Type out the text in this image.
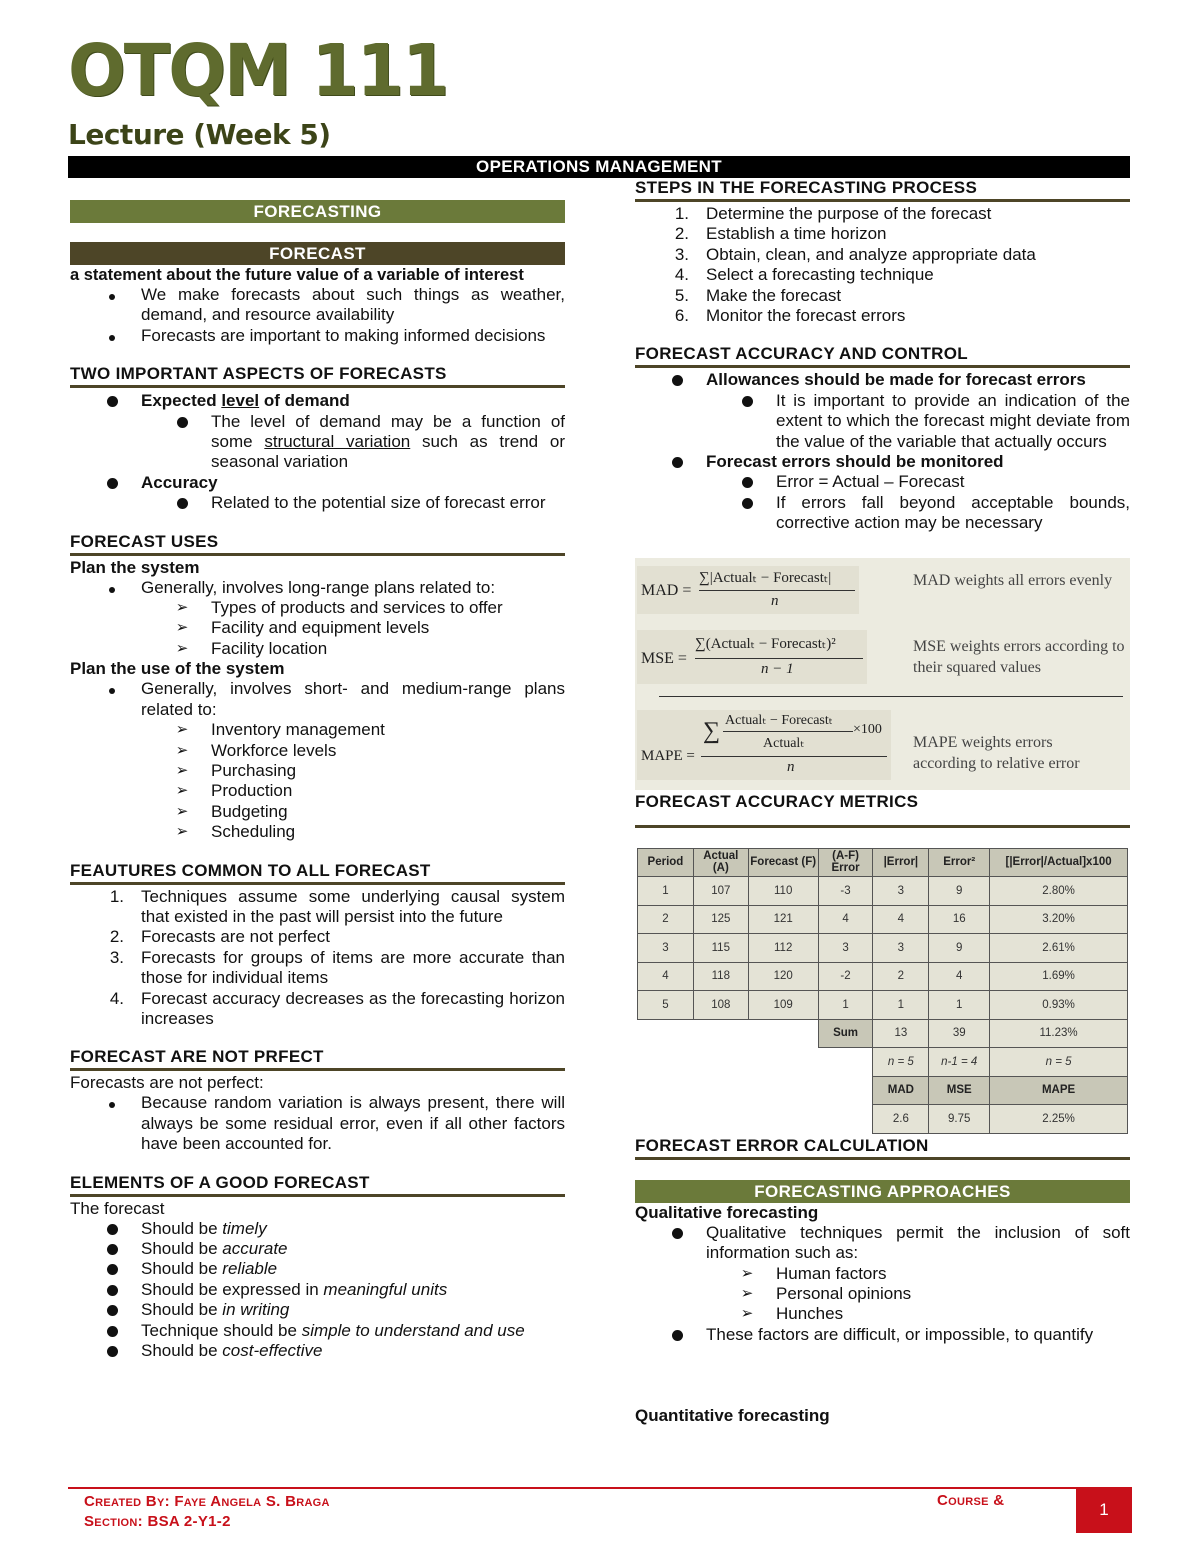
OTQM 111
Lecture (Week 5)
OPERATIONS MANAGEMENT
FORECASTING
FORECAST

a statement about the future value of a variable of interest

We make forecasts about such things as weather, demand, and resource availability
Forecasts are important to making informed decisions
TWO IMPORTANT ASPECTS OF FORECASTS
Expected level of demand
The level of demand may be a function of some structural variation such as trend or seasonal variation
Accuracy
Related to the potential size of forecast error
FORECAST USES

Plan the system

Generally, involves long-range plans related to:
➢	Types of products and services to offer
➢	Facility and equipment levels
➢	Facility location

Plan the use of the system

Generally, involves short- and medium-range plans related to:
➢	Inventory management
➢	Workforce levels
➢	Purchasing
➢	Production
➢	Budgeting
➢	Scheduling
FEAUTURES COMMON TO ALL FORECAST
1. Techniques assume some underlying causal system that existed in the past will persist into the future
2. Forecasts are not perfect
3. Forecasts for groups of items are more accurate than those for individual items
4. Forecast accuracy decreases as the forecasting horizon increases
FORECAST ARE NOT PRFECT

Forecasts are not perfect:

Because random variation is always present, there will always be some residual error, even if all other factors have been accounted for.
ELEMENTS OF A GOOD FORECAST

The forecast

Should be timely
Should be accurate
Should be reliable
Should be expressed in meaningful units
Should be in writing
Technique should be simple to understand and use
Should be cost-effective
STEPS IN THE FORECASTING PROCESS
1. Determine the purpose of the forecast
2. Establish a time horizon
3. Obtain, clean, and analyze appropriate data
4. Select a forecasting technique
5. Make the forecast
6. Monitor the forecast errors
FORECAST ACCURACY AND CONTROL
Allowances should be made for forecast errors
It is important to provide an indication of the extent to which the forecast might deviate from the value of the variable that actually occurs
Forecast errors should be monitored
Error = Actual – Forecast
If errors fall beyond acceptable bounds, corrective action may be necessary
MAD =
∑|Actualₜ − Forecastₜ|
n
MAD weights all errors evenly
MSE =
∑(Actualₜ − Forecastₜ)²
n − 1
MSE weights errors according to their squared values
MAPE =
∑ Actualₜ − Forecastₜ
Actualₜ
×100
n
MAPE weights errors according to relative error
FORECAST ACCURACY METRICS
Period	Actual (A)	Forecast (F)	(A-F) Error	|Error|	Error²	[|Error|/Actual]x100
1	107	110	-3	3	9	2.80%
2	125	121	4	4	16	3.20%
3	115	112	3	3	9	2.61%
4	118	120	-2	2	4	1.69%
5	108	109	1	1	1	0.93%
			Sum	13	39	11.23%
				n = 5	n-1 = 4	n = 5
				MAD	MSE	MAPE
				2.6	9.75	2.25%
FORECAST ERROR CALCULATION
FORECASTING APPROACHES

Qualitative forecasting

Qualitative techniques permit the inclusion of soft information such as:
➢	Human factors
➢	Personal opinions
➢	Hunches
These factors are difficult, or impossible, to quantify

Quantitative forecasting

Created By: Faye Angela S. Braga
Section: BSA 2-Y1-2
Course &	1
